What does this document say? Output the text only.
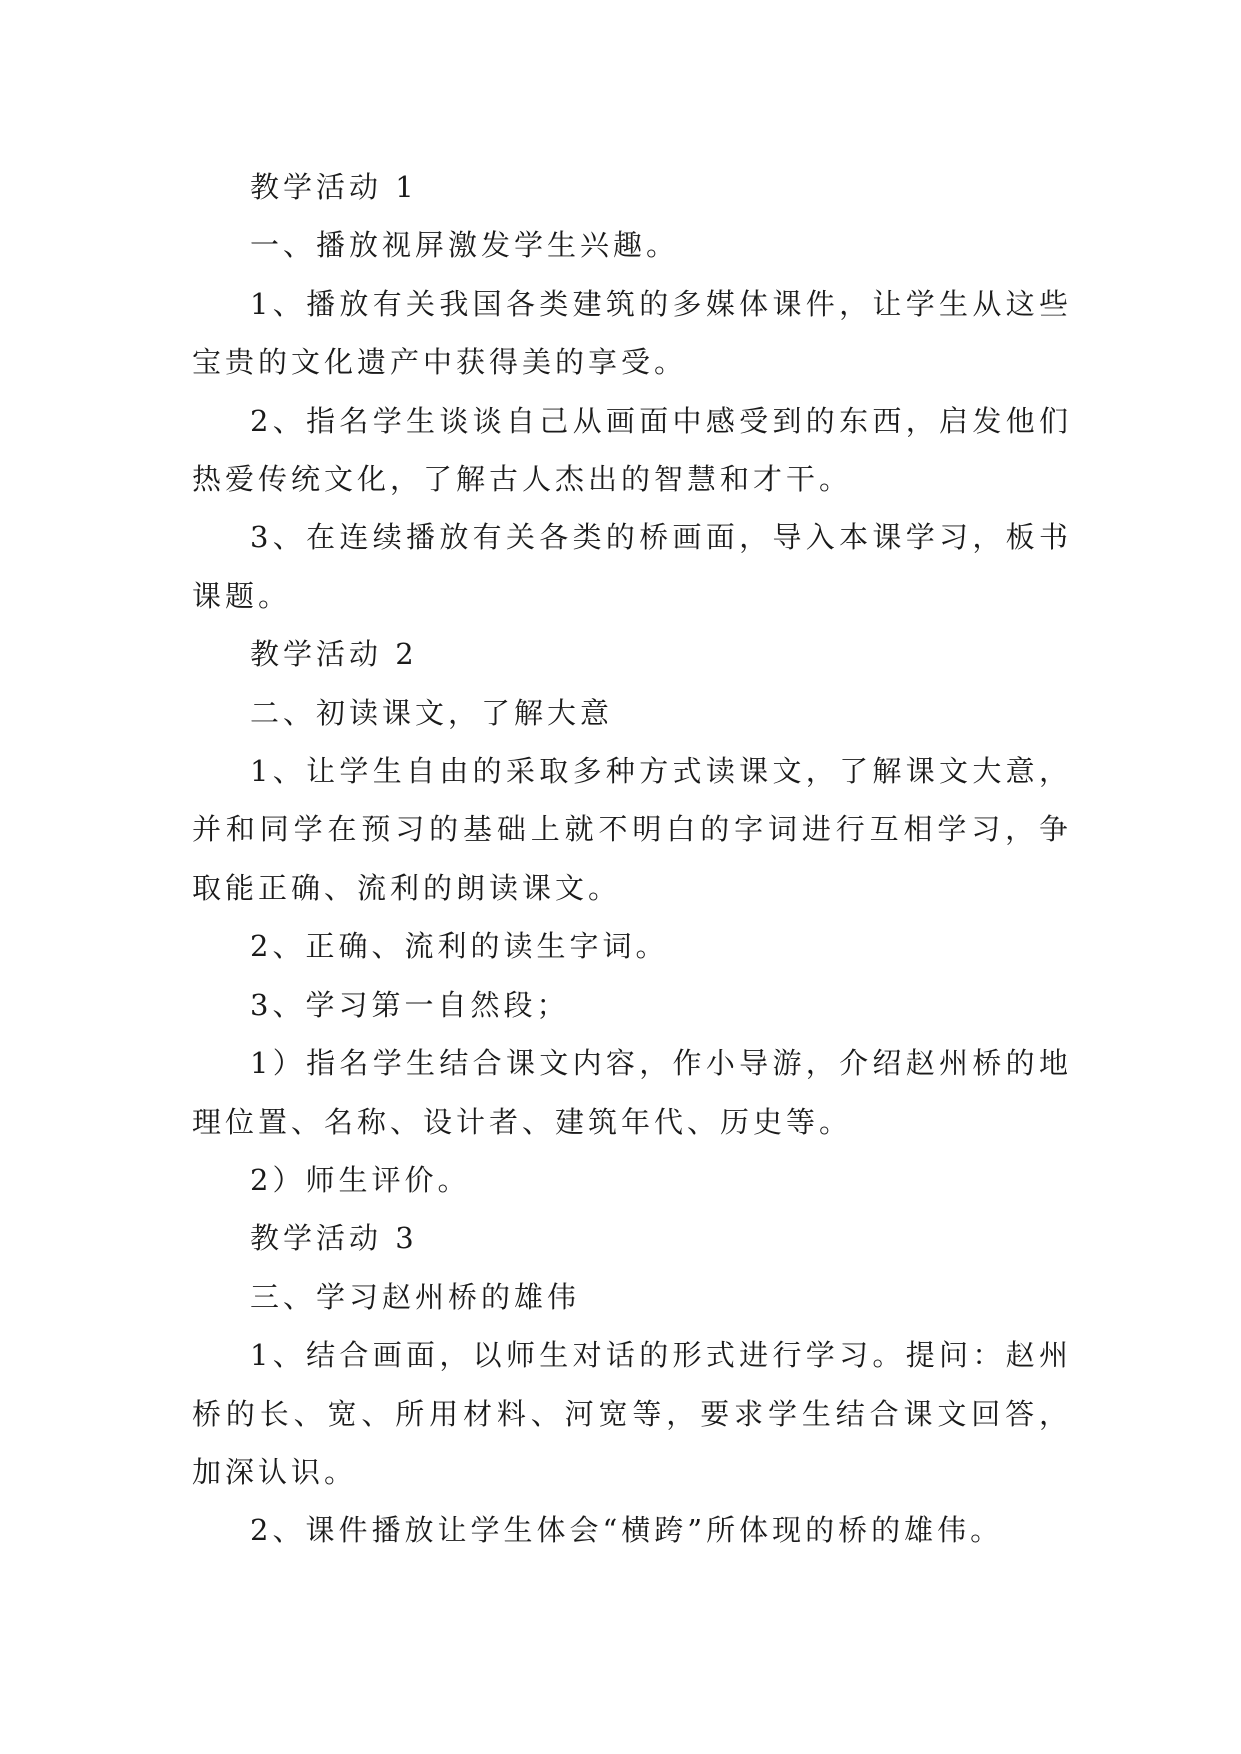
教学活动 1

一、播放视屏激发学生兴趣。

1、播放有关我国各类建筑的多媒体课件，让学生从这些宝贵的文化遗产中获得美的享受。

2、指名学生谈谈自己从画面中感受到的东西，启发他们热爱传统文化，了解古人杰出的智慧和才干。

3、在连续播放有关各类的桥画面，导入本课学习，板书课题。

教学活动 2

二、初读课文，了解大意

1、让学生自由的采取多种方式读课文，了解课文大意，并和同学在预习的基础上就不明白的字词进行互相学习，争取能正确、流利的朗读课文。

2、正确、流利的读生字词。

3、学习第一自然段；

1）指名学生结合课文内容，作小导游，介绍赵州桥的地理位置、名称、设计者、建筑年代、历史等。

2）师生评价。

教学活动 3

三、学习赵州桥的雄伟

1、结合画面，以师生对话的形式进行学习。提问：赵州桥的长、宽、所用材料、河宽等，要求学生结合课文回答，加深认识。

2、课件播放让学生体会“横跨”所体现的桥的雄伟。
